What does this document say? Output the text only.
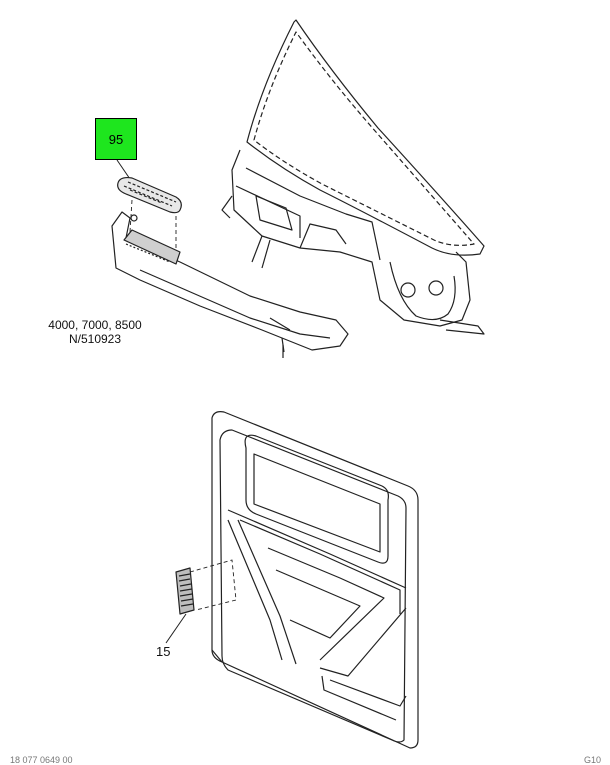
95
4000, 7000, 8500
N/510923
15
18 077 0649 00	G10
